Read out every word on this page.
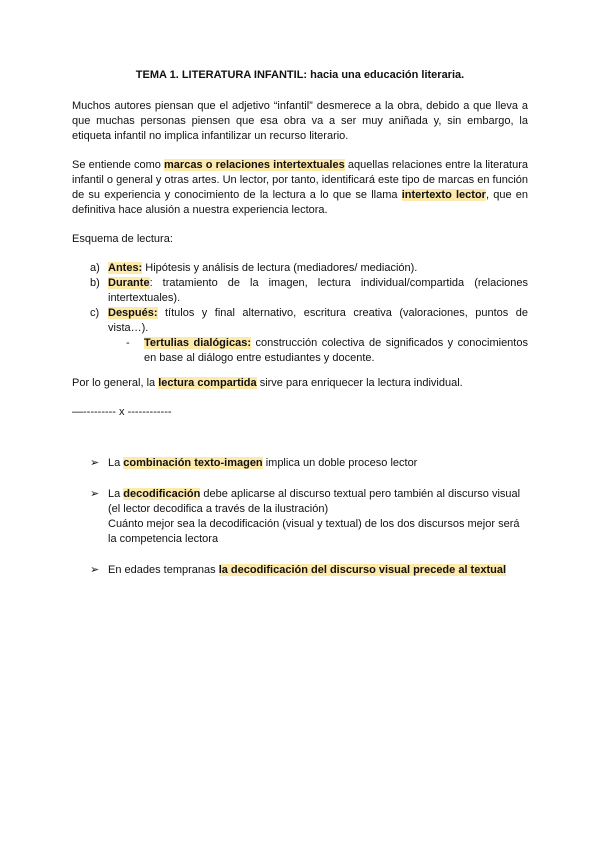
TEMA 1. LITERATURA INFANTIL: hacia una educación literaria.

Muchos autores piensan que el adjetivo “infantil” desmerece a la obra, debido a que lleva a que muchas personas piensen que esa obra va a ser muy aniñada y, sin embargo, la etiqueta infantil no implica infantilizar un recurso literario.

Se entiende como marcas o relaciones intertextuales aquellas relaciones entre la literatura infantil o general y otras artes. Un lector, por tanto, identificará este tipo de marcas en función de su experiencia y conocimiento de la lectura a lo que se llama intertexto lector, que en definitiva hace alusión a nuestra experiencia lectora.

Esquema de lectura:

a) Antes: Hipótesis y análisis de lectura (mediadores/ mediación).
b) Durante: tratamiento de la imagen, lectura individual/compartida (relaciones intertextuales).
c) Después: títulos y final alternativo, escritura creativa (valoraciones, puntos de vista…).
- Tertulias dialógicas: construcción colectiva de significados y conocimientos en base al diálogo entre estudiantes y docente.

Por lo general, la lectura compartida sirve para enriquecer la lectura individual.

—--------- x ------------
➢ La combinación texto-imagen implica un doble proceso lector
➢ La decodificación debe aplicarse al discurso textual pero también al discurso visual (el lector decodifica a través de la ilustración)
Cuánto mejor sea la decodificación (visual y textual) de los dos discursos mejor será la competencia lectora
➢ En edades tempranas la decodificación del discurso visual precede al textual
